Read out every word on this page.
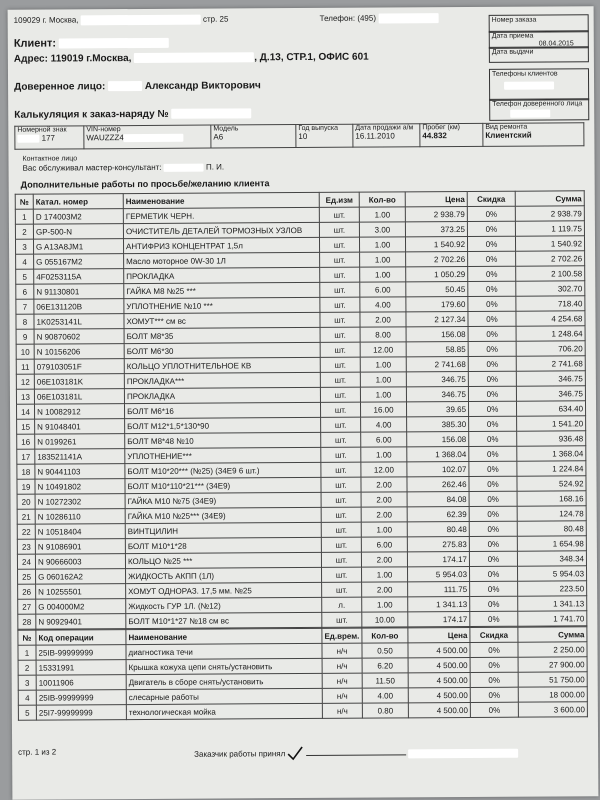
109029 г. Москва,	стр. 25	Телефон: (495)	Номер заказа
Дата приема
08.04.2015
Дата выдачи
Телефоны клиентов
Телефон доверенного лица
Клиент:
Адрес: 119019 г.Москва,	, Д.13, СТР.1, ОФИС 601
Доверенное лицо:	Александр Викторович
Калькуляция к заказ-наряду №
Номерной знак
177	
VIN-номер
WAUZZZ4	
Модель
A6	
Год выпуска
10	
Дата продажи а/м
16.11.2010	
Пробег (км)
44.832	
Вид ремонта
Клиентский
Контактное лицо
Вас обслуживал мастер-консультант:	П. И.
Дополнительные работы по просьбе/желанию клиента
№	Катал. номер	Наименование	Ед.изм	Кол-во	Цена	Скидка	Сумма
1	D 174003M2	ГЕРМЕТИК ЧЕРН.	шт.	1.00	2 938.79	0%	2 938.79
2	GP-500-N	ОЧИСТИТЕЛЬ ДЕТАЛЕЙ ТОРМОЗНЫХ УЗЛОВ	шт.	3.00	373.25	0%	1 119.75
3	G A13A8JM1	АНТИФРИЗ КОНЦЕНТРАТ 1,5л	шт.	1.00	1 540.92	0%	1 540.92
4	G 055167M2	Масло моторное 0W-30 1Л	шт.	1.00	2 702.26	0%	2 702.26
5	4F0253115A	ПРОКЛАДКА	шт.	1.00	1 050.29	0%	2 100.58
6	N 91130801	ГАЙКА М8 №25 ***	шт.	6.00	50.45	0%	302.70
7	06E131120B	УПЛОТНЕНИЕ №10 ***	шт.	4.00	179.60	0%	718.40
8	1K0253141L	ХОМУТ*** см вс	шт.	2.00	2 127.34	0%	4 254.68
9	N 90870602	БОЛТ М8*35	шт.	8.00	156.08	0%	1 248.64
10	N 10156206	БОЛТ М6*30	шт.	12.00	58.85	0%	706.20
11	079103051F	КОЛЬЦО УПЛОТНИТЕЛЬНОЕ КВ	шт.	1.00	2 741.68	0%	2 741.68
12	06E103181K	ПРОКЛАДКА***	шт.	1.00	346.75	0%	346.75
13	06E103181L	ПРОКЛАДКА	шт.	1.00	346.75	0%	346.75
14	N 10082912	БОЛТ М6*16	шт.	16.00	39.65	0%	634.40
15	N 91048401	БОЛТ М12*1,5*130*90	шт.	4.00	385.30	0%	1 541.20
16	N 0199261	БОЛТ М8*48 №10	шт.	6.00	156.08	0%	936.48
17	183521141A	УПЛОТНЕНИЕ***	шт.	1.00	1 368.04	0%	1 368.04
18	N 90441103	БОЛТ М10*20*** (№25) (34Е9 6 шт.)	шт.	12.00	102.07	0%	1 224.84
19	N 10491802	БОЛТ М10*110*21*** (34Е9)	шт.	2.00	262.46	0%	524.92
20	N 10272302	ГАЙКА М10 №75 (34Е9)	шт.	2.00	84.08	0%	168.16
21	N 10286110	ГАЙКА М10 №25*** (34Е9)	шт.	2.00	62.39	0%	124.78
22	N 10518404	ВИНТЦИЛИН	шт.	1.00	80.48	0%	80.48
23	N 91086901	БОЛТ М10*1*28	шт.	6.00	275.83	0%	1 654.98
24	N 90666003	КОЛЬЦО №25 ***	шт.	2.00	174.17	0%	348.34
25	G 060162A2	ЖИДКОСТЬ АКПП (1Л)	шт.	1.00	5 954.03	0%	5 954.03
26	N 10255501	ХОМУТ ОДНОРАЗ. 17,5 мм. №25	шт.	2.00	111.75	0%	223.50
27	G 004000M2	Жидкость ГУР 1Л. (№12)	л.	1.00	1 341.13	0%	1 341.13
28	N 90929401	БОЛТ М10*1*27 №18 см вс	шт.	10.00	174.17	0%	1 741.70
№	Код операции	Наименование	Ед.врем.	Кол-во	Цена	Скидка	Сумма
1	25IB-99999999	диагностика течи	н/ч	0.50	4 500.00	0%	2 250.00
2	15331991	Крышка кожуха цепи снять/установить	н/ч	6.20	4 500.00	0%	27 900.00
3	10011906	Двигатель в сборе снять/установить	н/ч	11.50	4 500.00	0%	51 750.00
4	25IB-99999999	слесарные работы	н/ч	4.00	4 500.00	0%	18 000.00
5	25I7-99999999	технологическая мойка	н/ч	0.80	4 500.00	0%	3 600.00
стр. 1 из 2	Заказчик работы принял
